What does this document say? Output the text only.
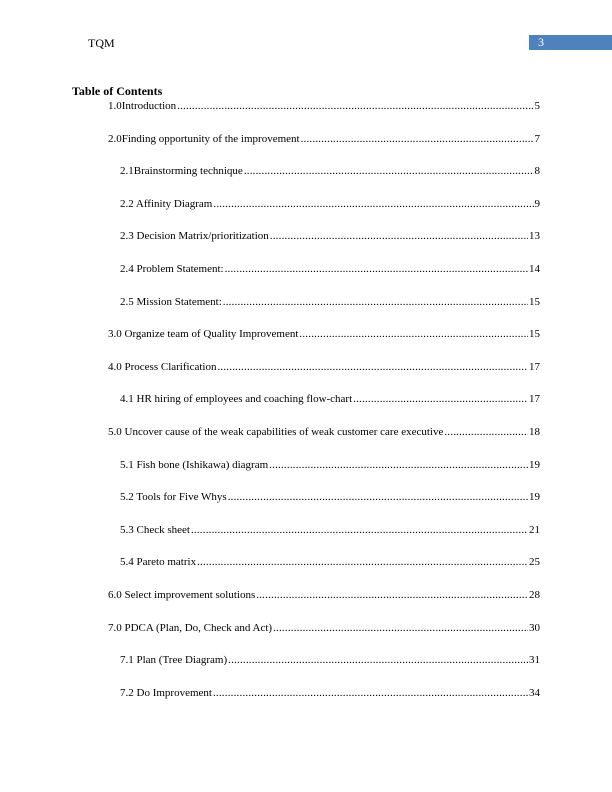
TQM	3
Table of Contents
1.0Introduction .....	5
2.0Finding opportunity of the improvement .....	7
2.1Brainstorming technique .....	8
2.2 Affinity Diagram .....	9
2.3 Decision Matrix/prioritization .....	13
2.4 Problem Statement: .....	14
2.5 Mission Statement: .....	15
3.0 Organize team of Quality Improvement .....	15
4.0 Process Clarification .....	17
4.1 HR hiring of employees and coaching flow-chart .....	17
5.0 Uncover cause of the weak capabilities of weak customer care executive .....	18
5.1 Fish bone (Ishikawa) diagram .....	19
5.2 Tools for Five Whys .....	19
5.3 Check sheet .....	21
5.4 Pareto matrix .....	25
6.0 Select improvement solutions .....	28
7.0 PDCA (Plan, Do, Check and Act) .....	30
7.1 Plan (Tree Diagram) .....	31
7.2 Do Improvement .....	34
